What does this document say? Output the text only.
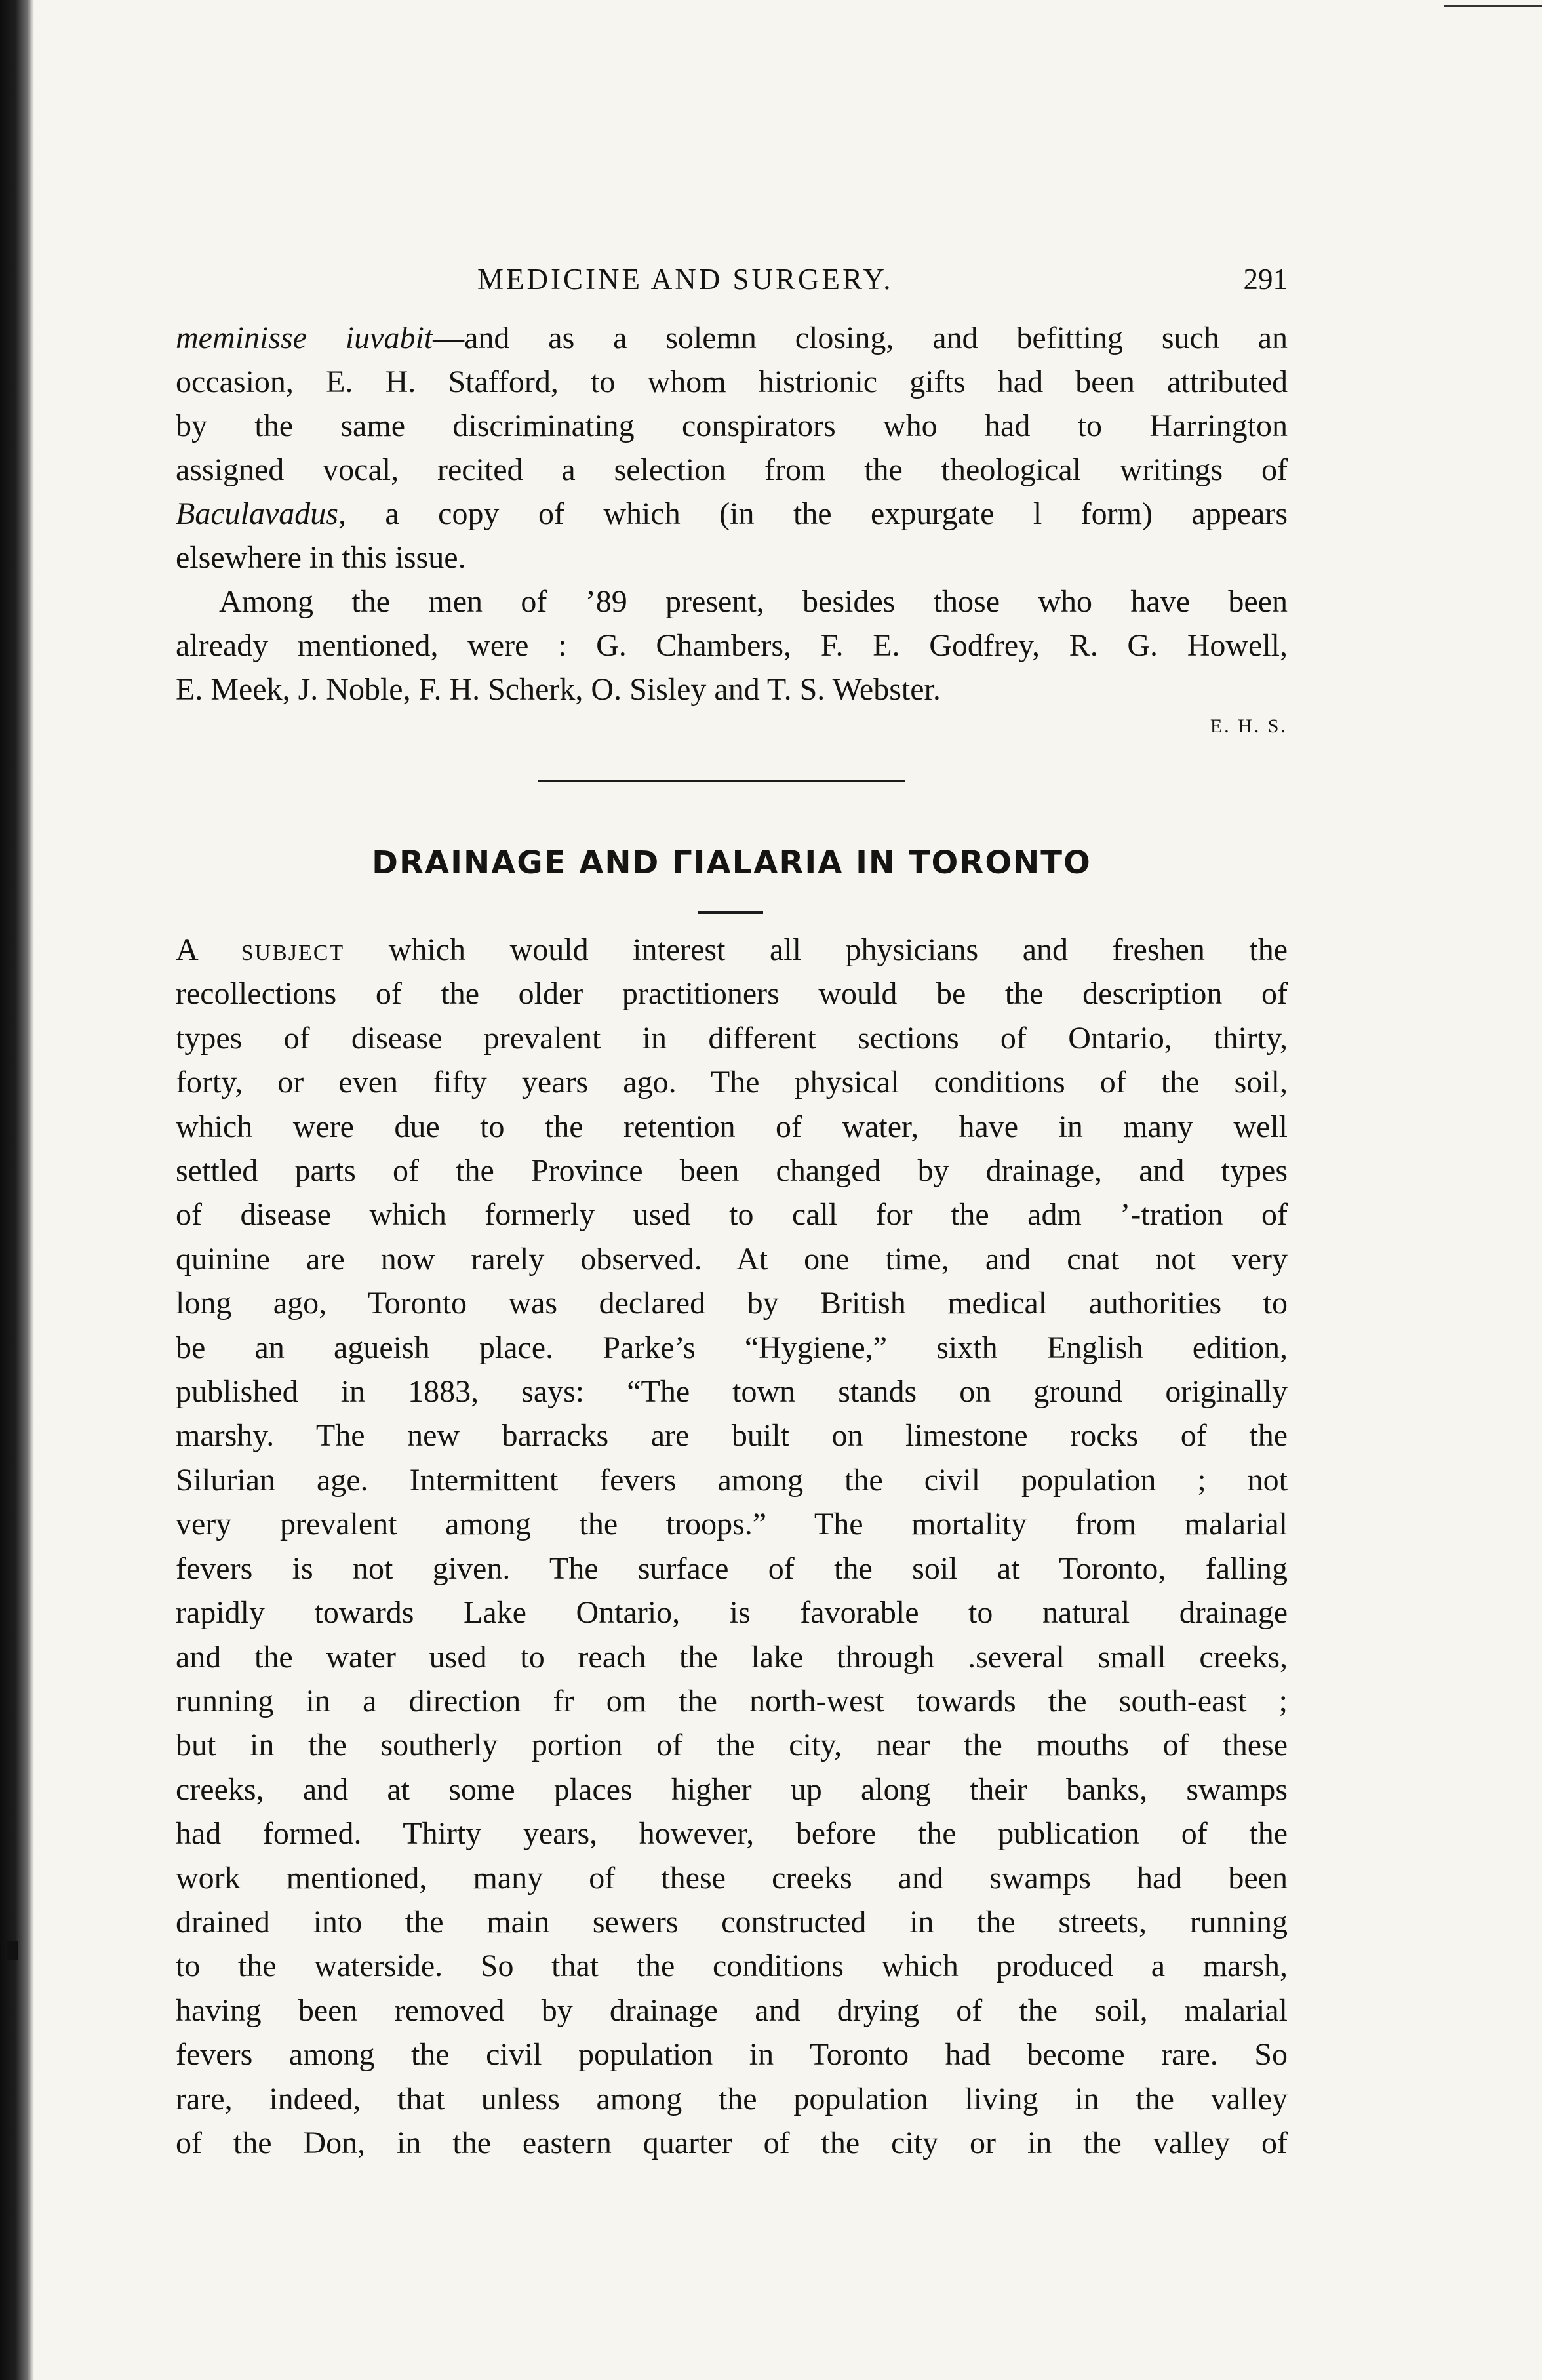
MEDICINE AND SURGERY.	291
meminisse iuvabit—and as a solemn closing, and befitting such an
occasion, E. H. Stafford, to whom histrionic gifts had been attributed
by the same discriminating conspirators who had to Harrington
assigned vocal, recited a selection from the theological writings of
Baculavadus, a copy of which (in the expurgate l form) appears
elsewhere in this issue.
Among the men of ’89 present, besides those who have been
already mentioned, were : G. Chambers, F. E. Godfrey, R. G. Howell,
E. Meek, J. Noble, F. H. Scherk, O. Sisley and T. S. Webster.
E. H. S.
DRAINAGE AND ΓIALARIA IN TORONTO
A subject which would interest all physicians and freshen the
recollections of the older practitioners would be the description of
types of disease prevalent in different sections of Ontario, thirty,
forty, or even fifty years ago. The physical conditions of the soil,
which were due to the retention of water, have in many well
settled parts of the Province been changed by drainage, and types
of disease which formerly used to call for the adm ’‑tration of
quinine are now rarely observed. At one time, and cnat not very
long ago, Toronto was declared by British medical authorities to
be an agueish place. Parke’s “Hygiene,” sixth English edition,
published in 1883, says: “The town stands on ground originally
marshy. The new barracks are built on limestone rocks of the
Silurian age. Intermittent fevers among the civil population ; not
very prevalent among the troops.” The mortality from malarial
fevers is not given. The surface of the soil at Toronto, falling
rapidly towards Lake Ontario, is favorable to natural drainage
and the water used to reach the lake through .several small creeks,
running in a direction fr om the north-west towards the south-east ;
but in the southerly portion of the city, near the mouths of these
creeks, and at some places higher up along their banks, swamps
had formed. Thirty years, however, before the publication of the
work mentioned, many of these creeks and swamps had been
drained into the main sewers constructed in the streets, running
to the waterside. So that the conditions which produced a marsh,
having been removed by drainage and drying of the soil, malarial
fevers among the civil population in Toronto had become rare. So
rare, indeed, that unless among the population living in the valley
of the Don, in the eastern quarter of the city or in the valley of
